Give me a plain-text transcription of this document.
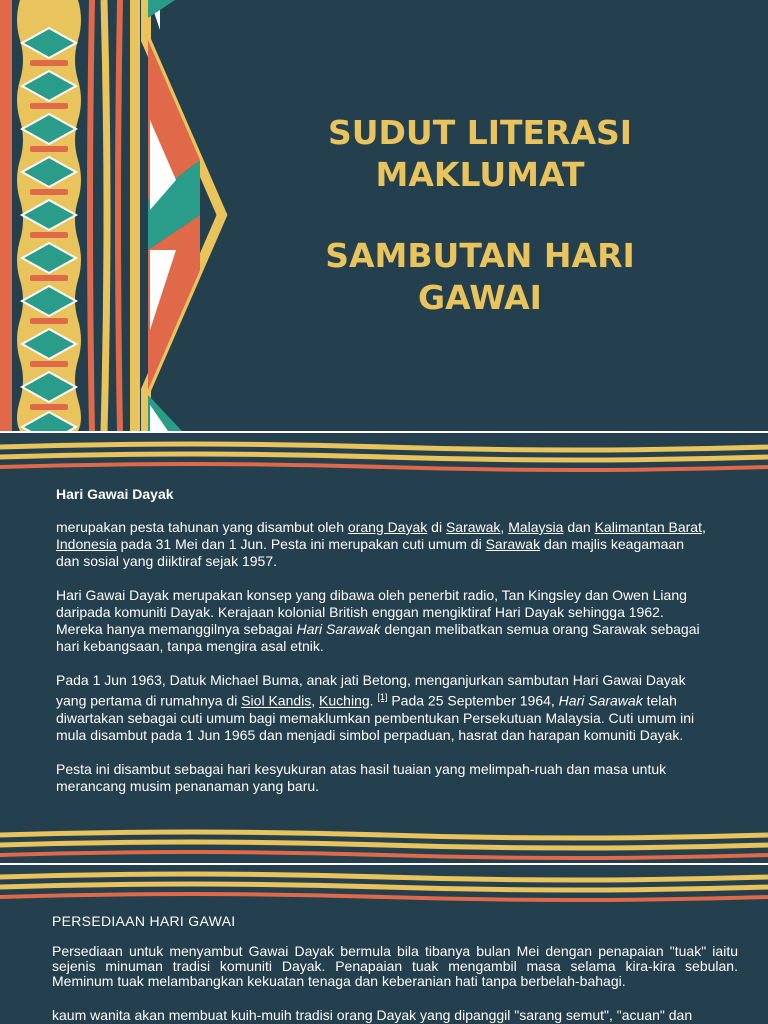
SUDUT LITERASI
MAKLUMAT
SAMBUTAN HARI
GAWAI
Hari Gawai Dayak

merupakan pesta tahunan yang disambut oleh orang Dayak di Sarawak, Malaysia dan Kalimantan Barat, Indonesia pada 31 Mei dan 1 Jun. Pesta ini merupakan cuti umum di Sarawak dan majlis keagamaan dan sosial yang diiktiraf sejak 1957.

Hari Gawai Dayak merupakan konsep yang dibawa oleh penerbit radio, Tan Kingsley dan Owen Liang daripada komuniti Dayak. Kerajaan kolonial British enggan mengiktiraf Hari Dayak sehingga 1962. Mereka hanya memanggilnya sebagai Hari Sarawak dengan melibatkan semua orang Sarawak sebagai hari kebangsaan, tanpa mengira asal etnik.

Pada 1 Jun 1963, Datuk Michael Buma, anak jati Betong, menganjurkan sambutan Hari Gawai Dayak yang pertama di rumahnya di Siol Kandis, Kuching. [1] Pada 25 September 1964, Hari Sarawak telah diwartakan sebagai cuti umum bagi memaklumkan pembentukan Persekutuan Malaysia. Cuti umum ini mula disambut pada 1 Jun 1965 dan menjadi simbol perpaduan, hasrat dan harapan komuniti Dayak.

Pesta ini disambut sebagai hari kesyukuran atas hasil tuaian yang melimpah-ruah dan masa untuk merancang musim penanaman yang baru.

PERSEDIAAN HARI GAWAI
Persediaan untuk menyambut Gawai Dayak bermula bila tibanya bulan Mei dengan penapaian "tuak" iaitu sejenis minuman tradisi komuniti Dayak. Penapaian tuak mengambil masa selama kira-kira sebulan. Meminum tuak melambangkan kekuatan tenaga dan keberanian hati tanpa berbelah-bahagi.
kaum wanita akan membuat kuih-muih tradisi orang Dayak yang dipanggil "sarang semut", "acuan" dan
